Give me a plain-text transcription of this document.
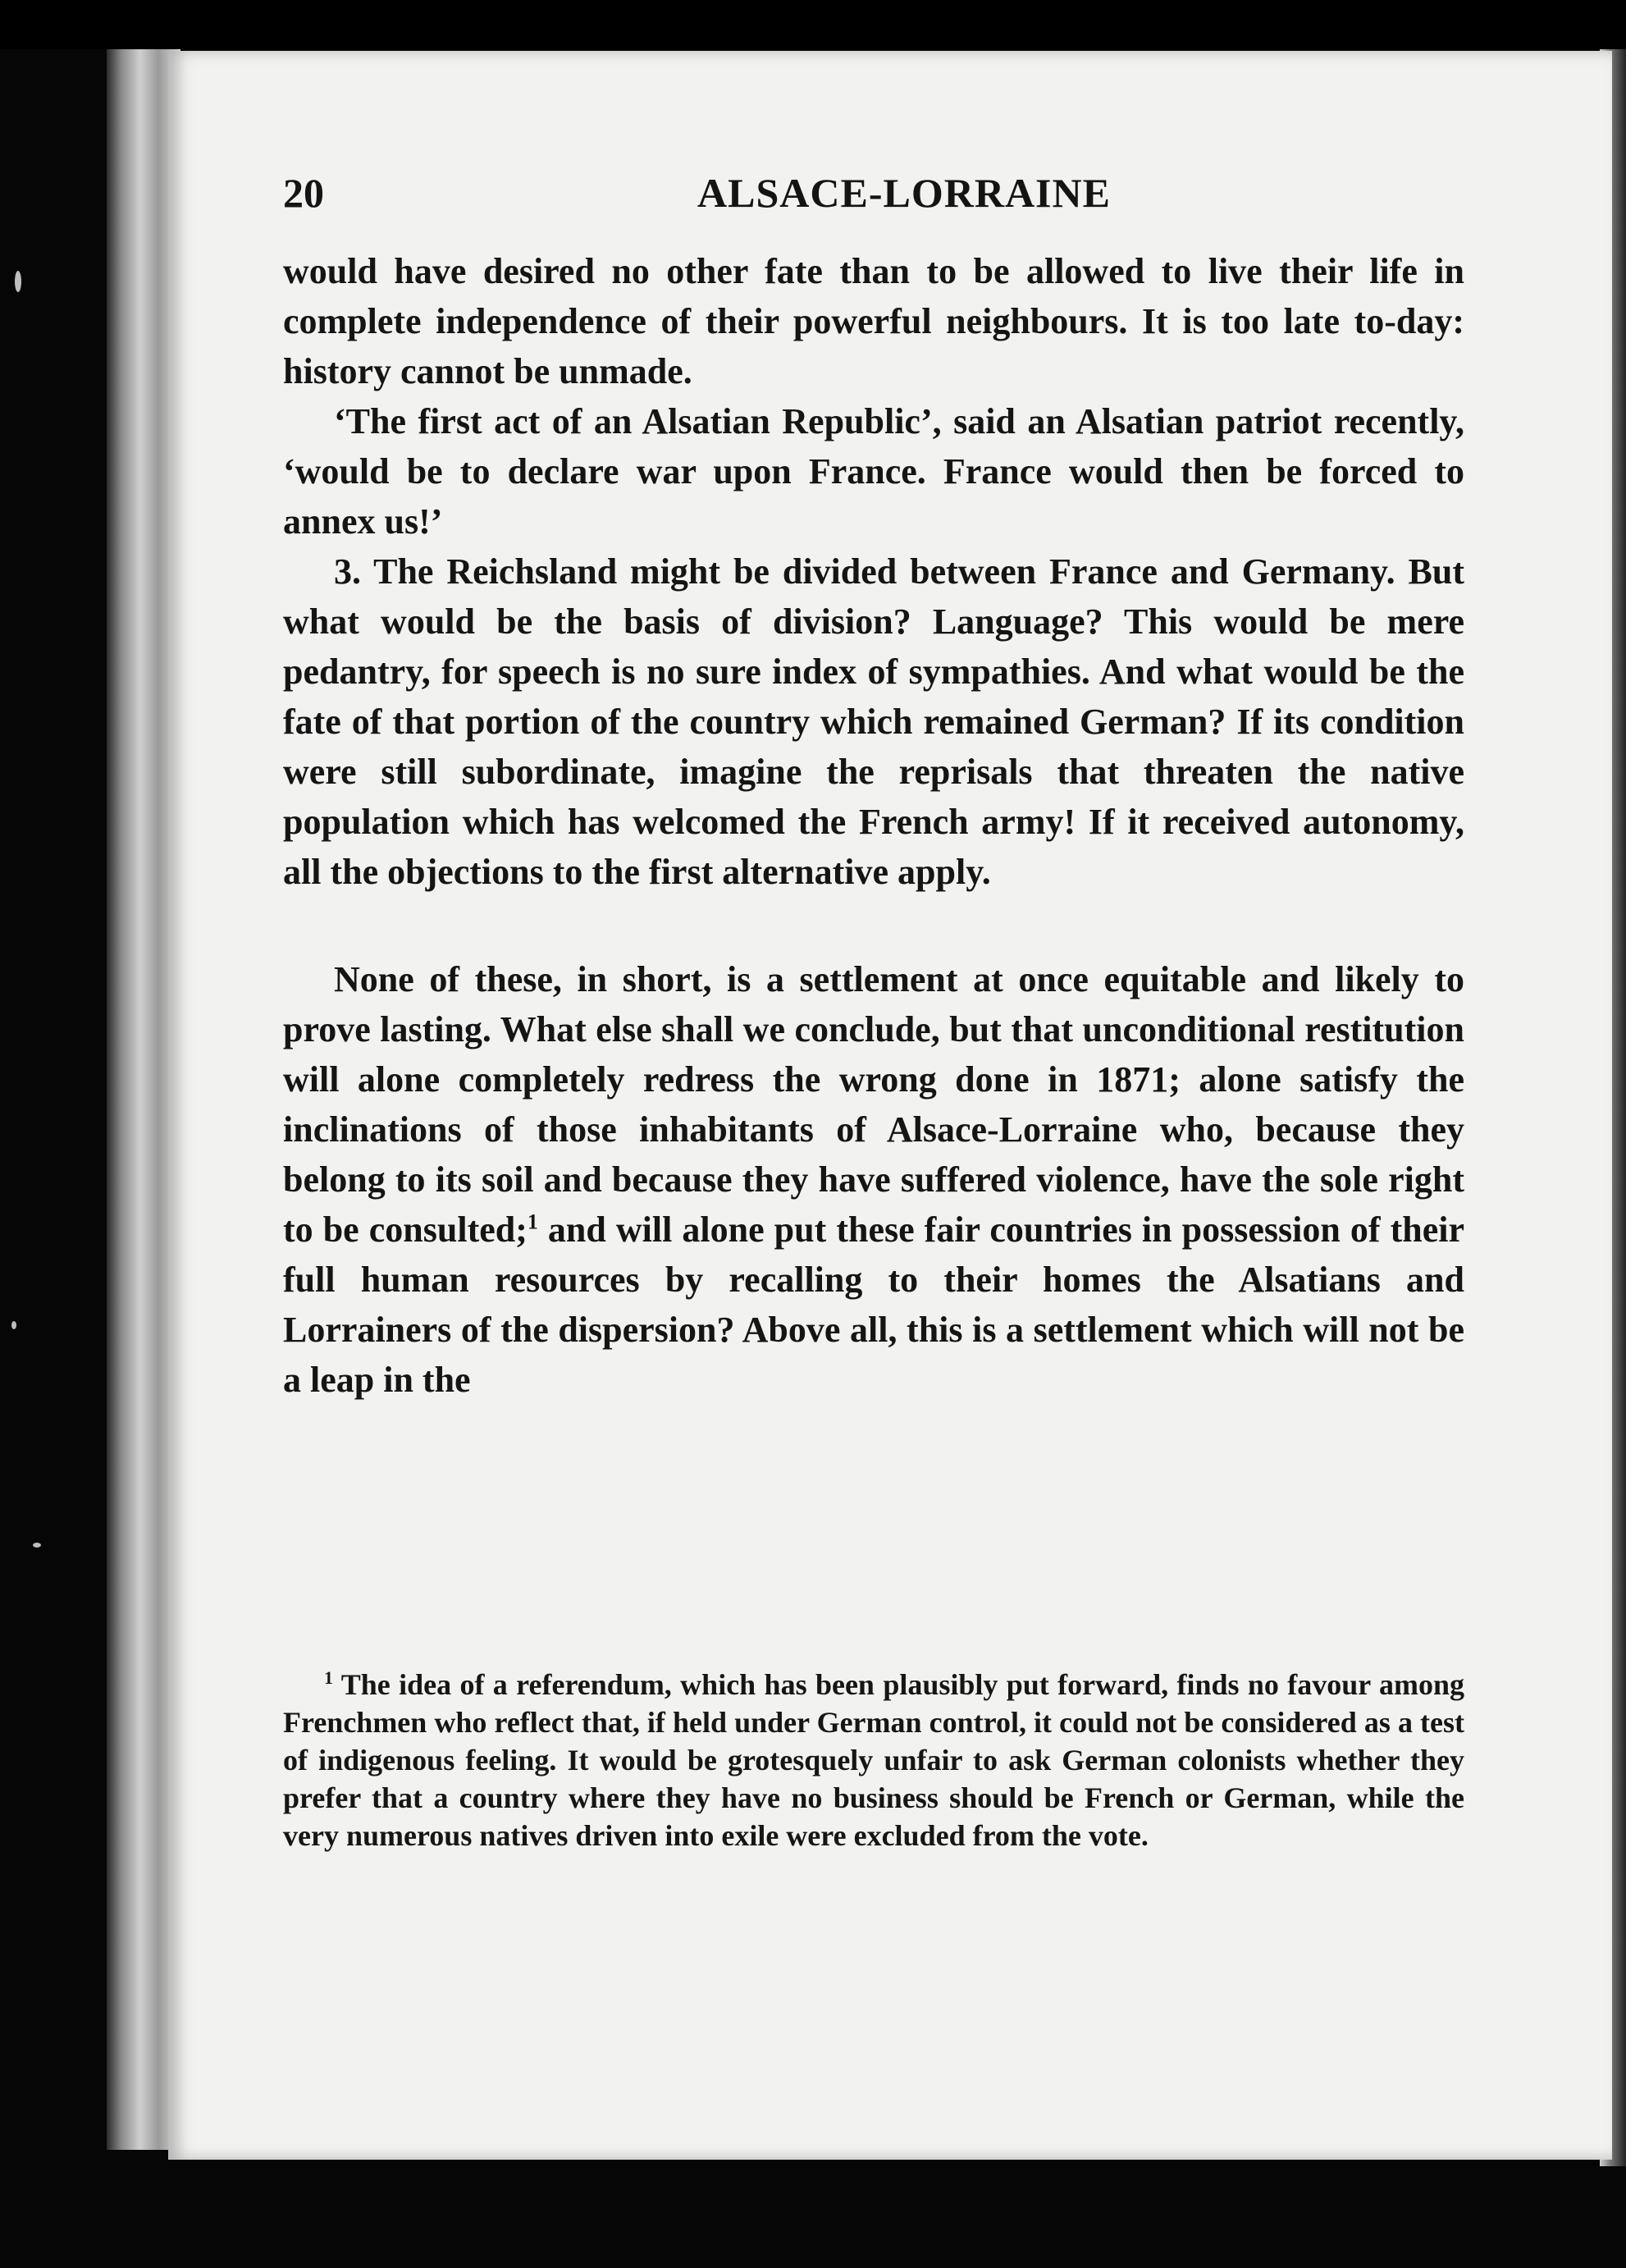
20	ALSACE-LORRAINE

would have desired no other fate than to be allowed to live their life in complete independence of their powerful neighbours. It is too late to-day: history cannot be unmade.

‘The first act of an Alsatian Republic’, said an Alsatian patriot recently, ‘would be to declare war upon France. France would then be forced to annex us!’

3. The Reichsland might be divided between France and Germany. But what would be the basis of division? Language? This would be mere pedantry, for speech is no sure index of sympathies. And what would be the fate of that portion of the country which remained German? If its condition were still subordinate, imagine the reprisals that threaten the native population which has welcomed the French army! If it received autonomy, all the objections to the first alternative apply.

None of these, in short, is a settlement at once equitable and likely to prove lasting. What else shall we conclude, but that unconditional restitution will alone completely redress the wrong done in 1871; alone satisfy the inclinations of those inhabitants of Alsace-Lorraine who, because they belong to its soil and because they have suffered violence, have the sole right to be consulted;$^1$ and will alone put these fair countries in possession of their full human resources by recalling to their homes the Alsatians and Lorrainers of the dispersion? Above all, this is a settlement which will not be a leap in the

$^1$ The idea of a referendum, which has been plausibly put forward, finds no favour among Frenchmen who reflect that, if held under German control, it could not be considered as a test of indigenous feeling. It would be grotesquely unfair to ask German colonists whether they prefer that a country where they have no business should be French or German, while the very numerous natives driven into exile were excluded from the vote.
